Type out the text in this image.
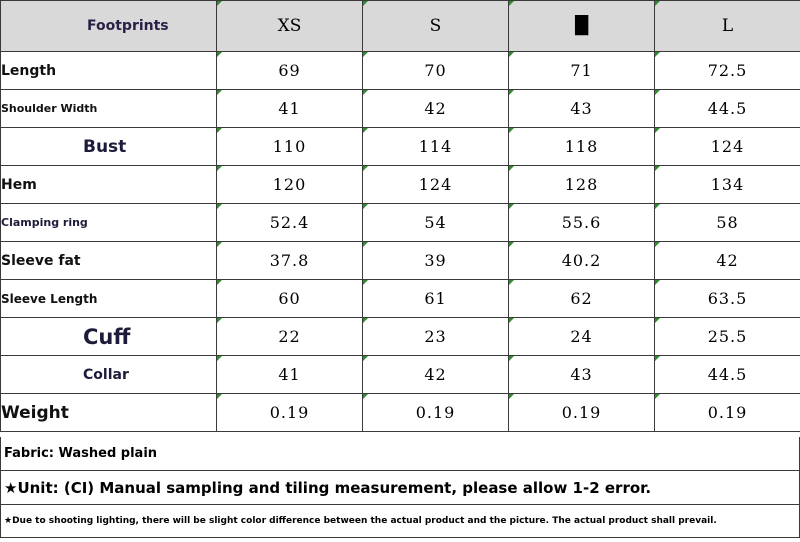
Footprints	XS	S	█	L
Length	69	70	71	72.5
Shoulder Width	41	42	43	44.5
Bust	110	114	118	124
Hem	120	124	128	134
Clamping ring	52.4	54	55.6	58
Sleeve fat	37.8	39	40.2	42
Sleeve Length	60	61	62	63.5
Cuff	22	23	24	25.5
Collar	41	42	43	44.5
Weight	0.19	0.19	0.19	0.19
Fabric: Washed plain
★Unit: (CI) Manual sampling and tiling measurement, please allow 1-2 error.
★Due to shooting lighting, there will be slight color difference between the actual product and the picture. The actual product shall prevail.
